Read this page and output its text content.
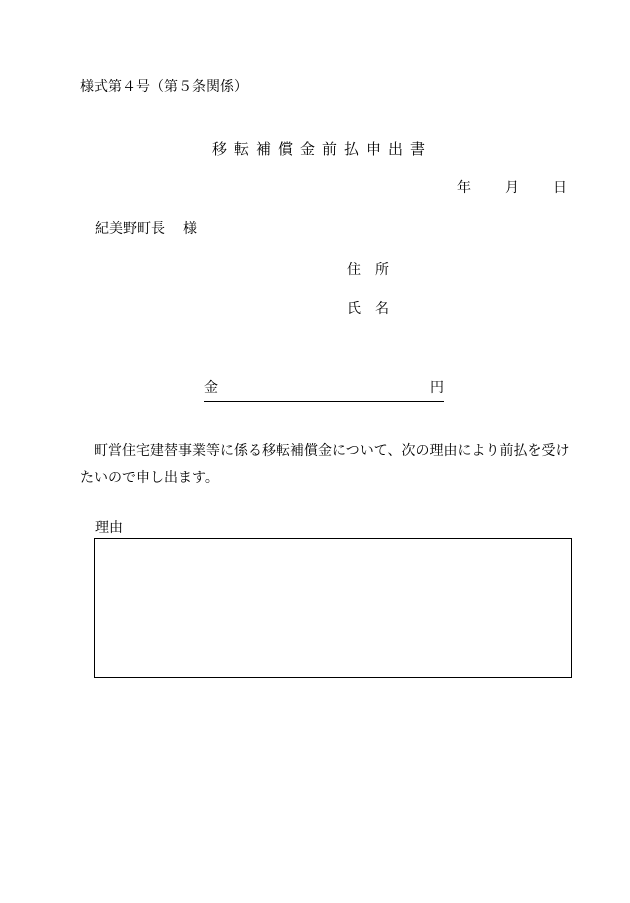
様式第４号（第５条関係）
移転補償金前払申出書
年 月 日
紀美野町長 様
住 所
氏 名
金	円
町営住宅建替事業等に係る移転補償金について、次の理由により前払を受けたいので申し出ます。
理由
